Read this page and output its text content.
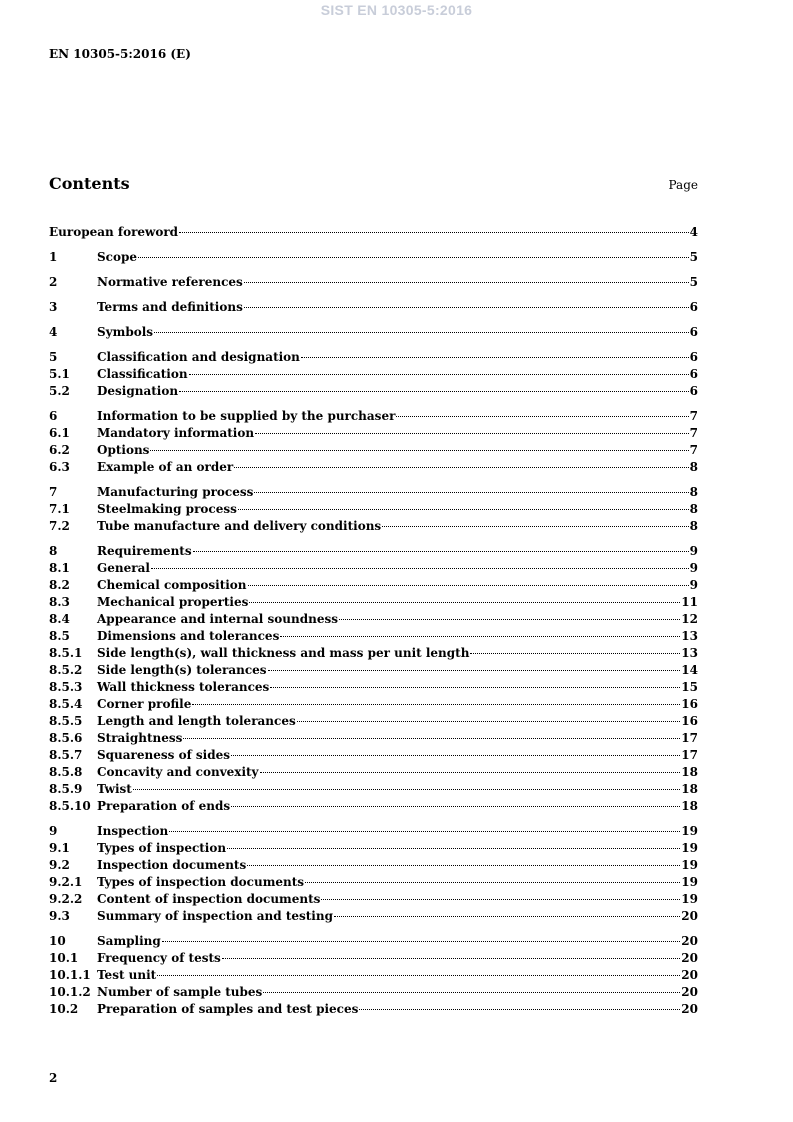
SIST EN 10305-5:2016
EN 10305-5:2016 (E)
Contents	Page
European foreword	4
1	Scope	5
2	Normative references	5
3	Terms and definitions	6
4	Symbols	6
5	Classification and designation	6
5.1	Classification	6
5.2	Designation	6
6	Information to be supplied by the purchaser	7
6.1	Mandatory information	7
6.2	Options	7
6.3	Example of an order	8
7	Manufacturing process	8
7.1	Steelmaking process	8
7.2	Tube manufacture and delivery conditions	8
8	Requirements	9
8.1	General	9
8.2	Chemical composition	9
8.3	Mechanical properties	11
8.4	Appearance and internal soundness	12
8.5	Dimensions and tolerances	13
8.5.1	Side length(s), wall thickness and mass per unit length	13
8.5.2	Side length(s) tolerances	14
8.5.3	Wall thickness tolerances	15
8.5.4	Corner profile	16
8.5.5	Length and length tolerances	16
8.5.6	Straightness	17
8.5.7	Squareness of sides	17
8.5.8	Concavity and convexity	18
8.5.9	Twist	18
8.5.10 Preparation of ends	18
9	Inspection	19
9.1	Types of inspection	19
9.2	Inspection documents	19
9.2.1	Types of inspection documents	19
9.2.2	Content of inspection documents	19
9.3	Summary of inspection and testing	20
10	Sampling	20
10.1	Frequency of tests	20
10.1.1 Test unit	20
10.1.2 Number of sample tubes	20
10.2	Preparation of samples and test pieces	20
2
